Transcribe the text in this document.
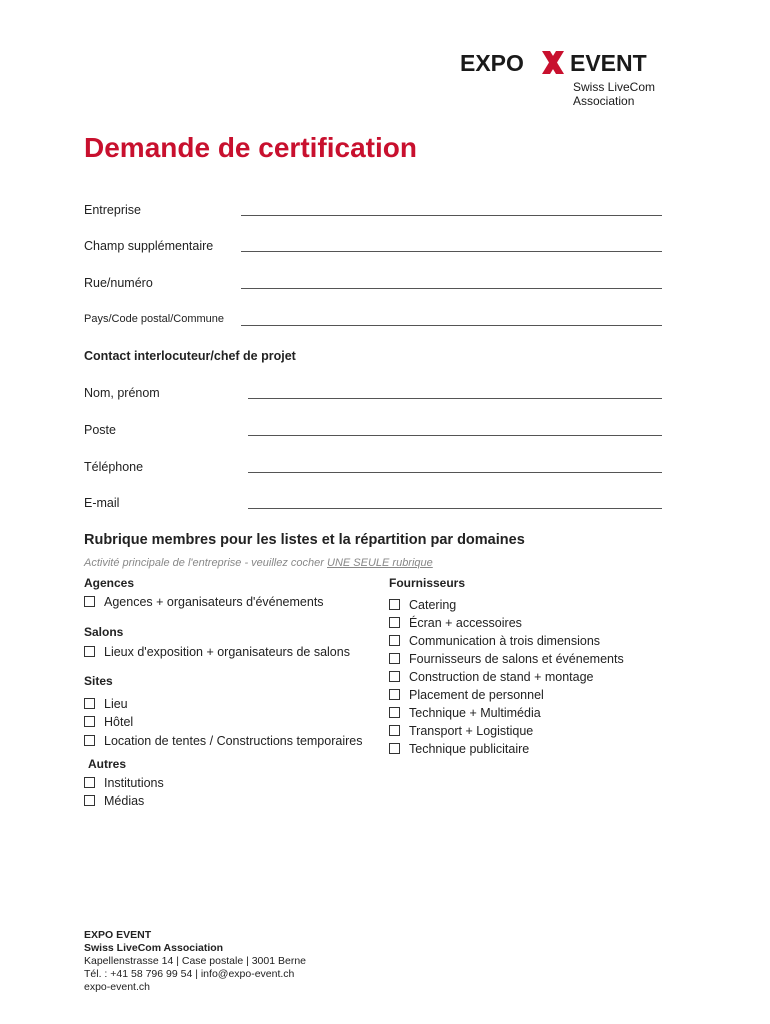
EXPO EVENT
Swiss LiveCom
Association
Demande de certification
Entreprise
Champ supplémentaire
Rue/numéro
Pays/Code postal/Commune
Contact interlocuteur/chef de projet
Nom, prénom
Poste
Téléphone
E-mail
Rubrique membres pour les listes et la répartition par domaines
Activité principale de l'entreprise - veuillez cocher UNE SEULE rubrique
Agences
Agences + organisateurs d'événements
Salons
Lieux d'exposition + organisateurs de salons
Sites
Lieu
Hôtel
Location de tentes / Constructions temporaires
Autres
Institutions
Médias
Fournisseurs
Catering
Écran + accessoires
Communication à trois dimensions
Fournisseurs de salons et événements
Construction de stand + montage
Placement de personnel
Technique + Multimédia
Transport + Logistique
Technique publicitaire
EXPO EVENT
Swiss LiveCom Association
Kapellenstrasse 14 | Case postale | 3001 Berne
Tél. : +41 58 796 99 54 | info@expo-event.ch
expo-event.ch
